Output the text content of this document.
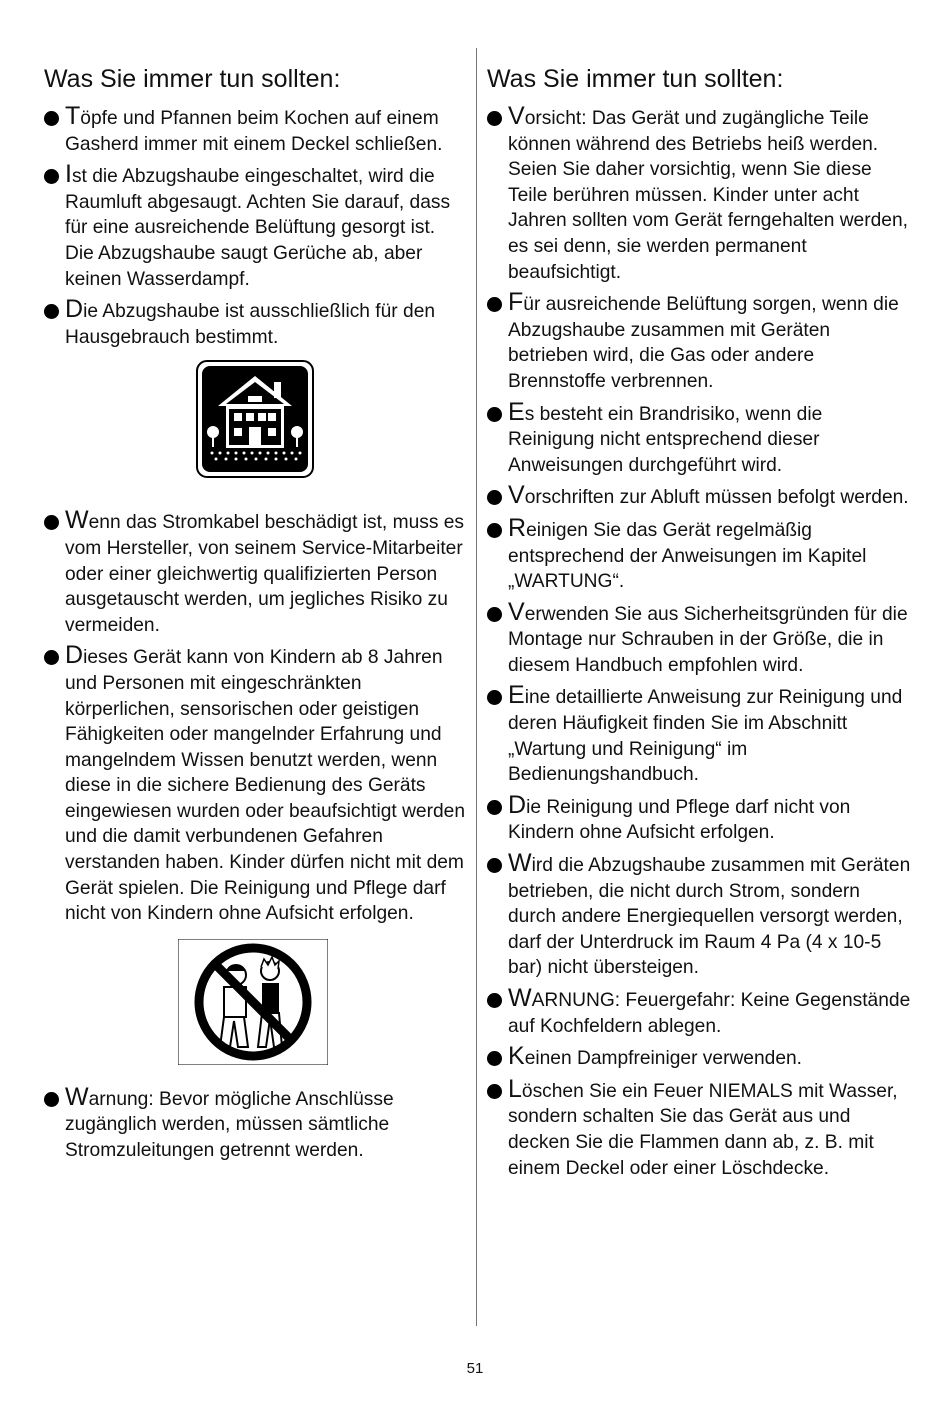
Was Sie immer tun sollten:
Töpfe und Pfannen beim Kochen auf einem Gasherd immer mit einem Deckel schließen.
Ist die Abzugshaube eingeschaltet, wird die Raumluft abgesaugt. Achten Sie darauf, dass für eine ausreichende Belüftung gesorgt ist. Die Abzugshaube saugt Gerüche ab, aber keinen Wasserdampf.
Die Abzugshaube ist ausschließlich für den Hausgebrauch bestimmt.
Wenn das Stromkabel beschädigt ist, muss es vom Hersteller, von seinem Service-Mitarbeiter oder einer gleichwertig qualifizierten Person ausgetauscht werden, um jegliches Risiko zu vermeiden.
Dieses Gerät kann von Kindern ab 8 Jahren und Personen mit eingeschränkten körperlichen, sensorischen oder geistigen Fähigkeiten oder mangelnder Erfahrung und mangelndem Wissen benutzt werden, wenn diese in die sichere Bedienung des Geräts eingewiesen wurden oder beaufsichtigt werden und die damit verbundenen Gefahren verstanden haben. Kinder dürfen nicht mit dem Gerät spielen. Die Reinigung und Pflege darf nicht von Kindern ohne Aufsicht erfolgen.
Warnung: Bevor mögliche Anschlüsse zugänglich werden, müssen sämtliche Stromzuleitungen getrennt werden.
Was Sie immer tun sollten:
Vorsicht: Das Gerät und zugängliche Teile können während des Betriebs heiß werden. Seien Sie daher vorsichtig, wenn Sie diese Teile berühren müssen. Kinder unter acht Jahren sollten vom Gerät ferngehalten werden, es sei denn, sie werden permanent beaufsichtigt.
Für ausreichende Belüftung sorgen, wenn die Abzugshaube zusammen mit Geräten betrieben wird, die Gas oder andere Brennstoffe verbrennen.
Es besteht ein Brandrisiko, wenn die Reinigung nicht entsprechend dieser Anweisungen durchgeführt wird.
Vorschriften zur Abluft müssen befolgt werden.
Reinigen Sie das Gerät regelmäßig entsprechend der Anweisungen im Kapitel „WARTUNG“.
Verwenden Sie aus Sicherheitsgründen für die Montage nur Schrauben in der Größe, die in diesem Handbuch empfohlen wird.
Eine detaillierte Anweisung zur Reinigung und deren Häufigkeit finden Sie im Abschnitt „Wartung und Reinigung“ im Bedienungshandbuch.
Die Reinigung und Pflege darf nicht von Kindern ohne Aufsicht erfolgen.
Wird die Abzugshaube zusammen mit Geräten betrieben, die nicht durch Strom, sondern durch andere Energiequellen versorgt werden, darf der Unterdruck im Raum 4 Pa (4 x 10-5 bar) nicht übersteigen.
WARNUNG: Feuergefahr: Keine Gegenstände auf Kochfeldern ablegen.
Keinen Dampfreiniger verwenden.
Löschen Sie ein Feuer NIEMALS mit Wasser, sondern schalten Sie das Gerät aus und decken Sie die Flammen dann ab, z. B. mit einem Deckel oder einer Löschdecke.
51
